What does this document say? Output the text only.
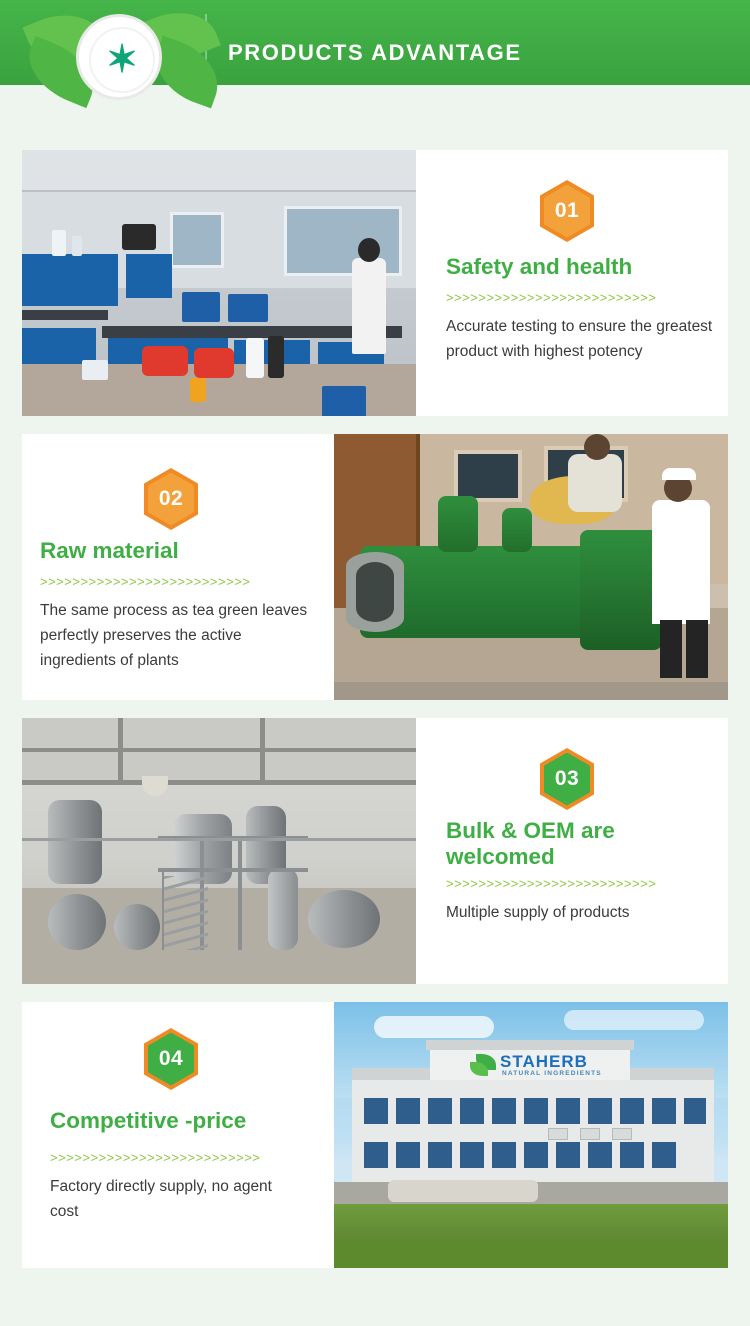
PRODUCTS ADVANTAGE
✶
01
Safety and health
>>>>>>>>>>>>>>>>>>>>>>>>>>
Accurate testing to ensure the greatest product with highest potency
02
Raw material
>>>>>>>>>>>>>>>>>>>>>>>>>>
The same process as tea green leaves perfectly preserves the active ingredients of plants
03
Bulk & OEM are welcomed
>>>>>>>>>>>>>>>>>>>>>>>>>>
Multiple supply of products
STAHERB
NATURAL INGREDIENTS
04
Competitive -price
>>>>>>>>>>>>>>>>>>>>>>>>>>
Factory directly supply, no agent cost
